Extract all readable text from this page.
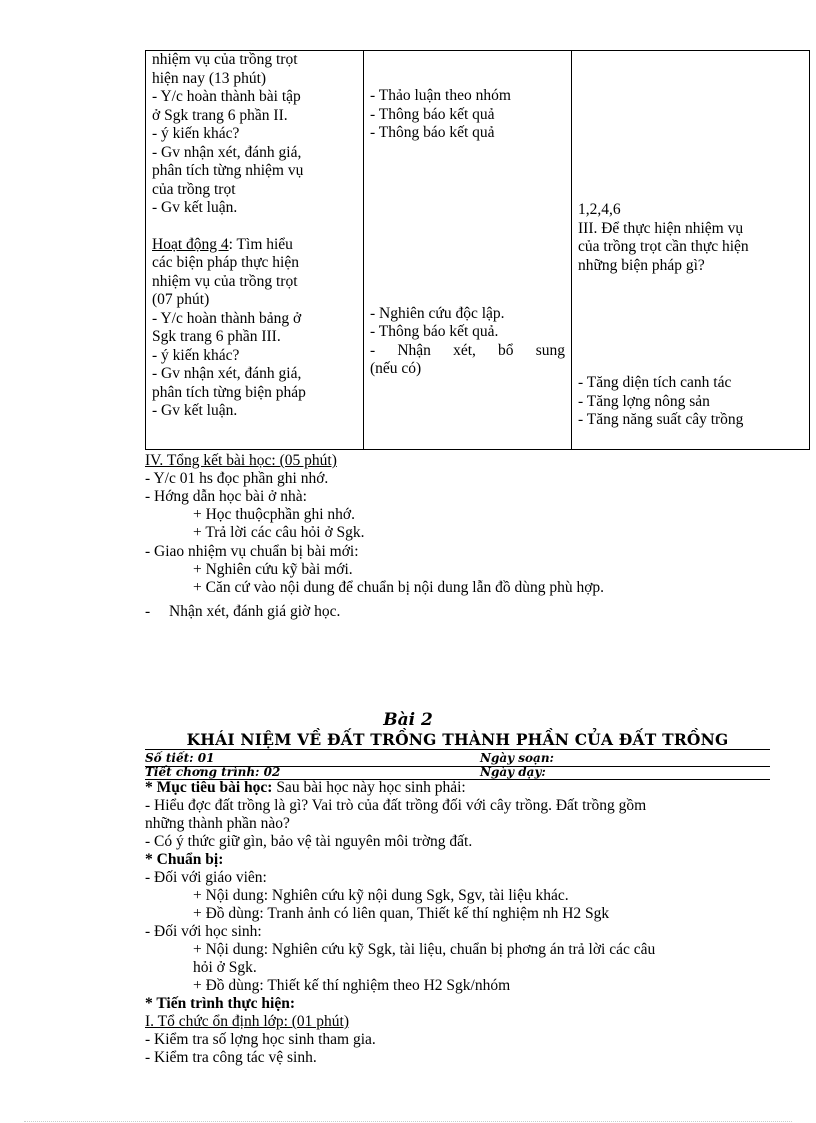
nhiệm vụ của trồng trọt
hiện nay (13 phút)
- Y/c hoàn thành bài tập
ở Sgk trang 6 phần II.
- ý kiến khác?
- Gv nhận xét, đánh giá,
phân tích từng nhiệm vụ
của trồng trọt
- Gv kết luận.
Hoạt động 4: Tìm hiểu
các biện pháp thực hiện
nhiệm vụ của trồng trọt
(07 phút)
- Y/c hoàn thành bảng ở
Sgk trang 6 phần III.
- ý kiến khác?
- Gv nhận xét, đánh giá,
phân tích từng biện pháp
- Gv kết luận.

- Thảo luận theo nhóm
- Thông báo kết quả
- Thông báo kết quả
- Nghiên cứu độc lập.
- Thông báo kết quả.
- Nhận xét, bổ sung
(nếu có)

1,2,4,6
III. Để thực hiện nhiệm vụ
của trồng trọt cần thực hiện
những biện pháp gì?
- Tăng diện tích canh tác
- Tăng lợng nông sản
- Tăng năng suất cây trồng
IV. Tổng kết bài học: (05 phút)
- Y/c 01 hs đọc phần ghi nhớ.
- Hớng dẫn học bài ở nhà:
+ Học thuộcphần ghi nhớ.
+ Trả lời các câu hỏi ở Sgk.
- Giao nhiệm vụ chuẩn bị bài mới:
+ Nghiên cứu kỹ bài mới.
+ Căn cứ vào nội dung để chuẩn bị nội dung lẫn đồ dùng phù hợp.
- Nhận xét, đánh giá giờ học.
Bài 2
KHÁI NIỆM VỀ ĐẤT TRỒNG THÀNH PHẦN CỦA ĐẤT TRỒNG
Số tiết: 01	Ngày soạn:
Tiết chơng trình: 02	Ngày dạy:
* Mục tiêu bài học: Sau bài học này học sinh phải:
- Hiểu đợc đất trồng là gì? Vai trò của đất trồng đối với cây trồng. Đất trồng gồm
những thành phần nào?
- Có ý thức giữ gìn, bảo vệ tài nguyên môi trờng đất.
* Chuẩn bị:
- Đối với giáo viên:
+ Nội dung: Nghiên cứu kỹ nội dung Sgk, Sgv, tài liệu khác.
+ Đồ dùng: Tranh ảnh có liên quan, Thiết kế thí nghiệm nh H2 Sgk
- Đối với học sinh:
+ Nội dung: Nghiên cứu kỹ Sgk, tài liệu, chuẩn bị phơng án trả lời các câu
hỏi ở Sgk.
+ Đồ dùng: Thiết kế thí nghiệm theo H2 Sgk/nhóm
* Tiến trình thực hiện:
I. Tổ chức ổn định lớp: (01 phút)
- Kiểm tra số lợng học sinh tham gia.
- Kiểm tra công tác vệ sinh.
